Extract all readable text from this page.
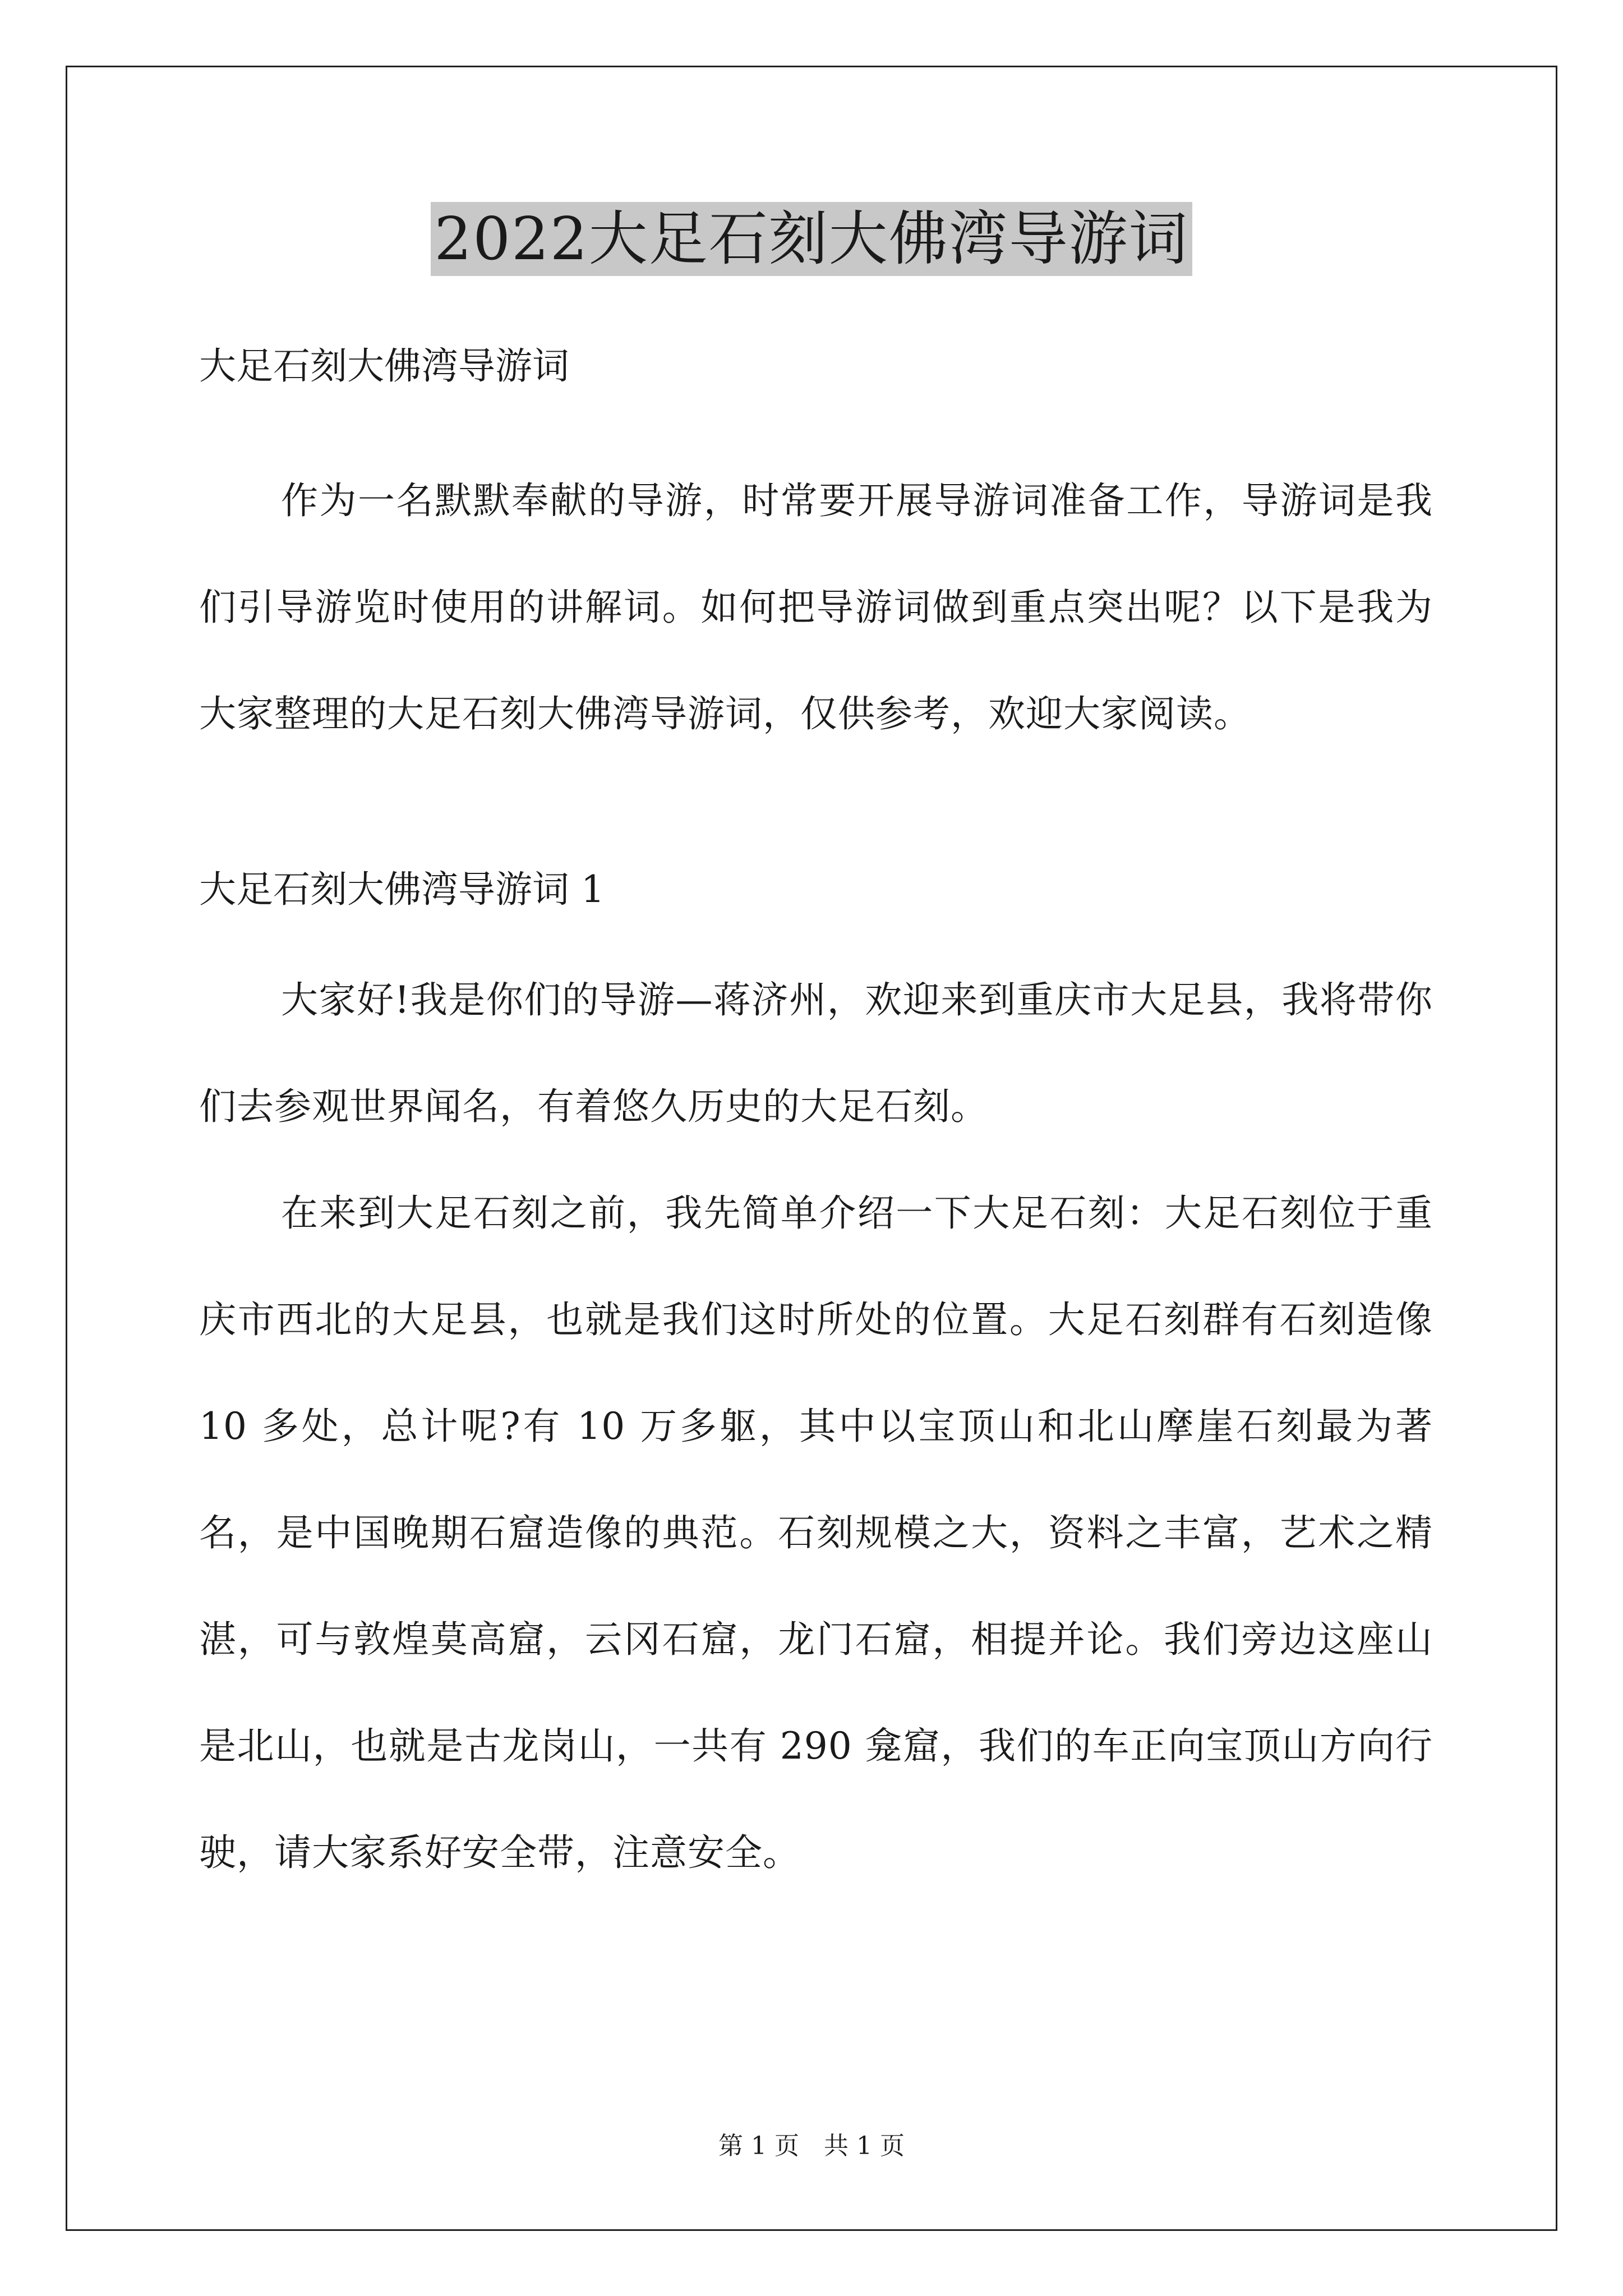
2022大足石刻大佛湾导游词
大足石刻大佛湾导游词

作为一名默默奉献的导游，时常要开展导游词准备工作，导游词是我们引导游览时使用的讲解词。如何把导游词做到重点突出呢？以下是我为大家整理的大足石刻大佛湾导游词，仅供参考，欢迎大家阅读。

大足石刻大佛湾导游词 1

大家好!我是你们的导游—蒋济州，欢迎来到重庆市大足县，我将带你们去参观世界闻名，有着悠久历史的大足石刻。

在来到大足石刻之前，我先简单介绍一下大足石刻：大足石刻位于重庆市西北的大足县，也就是我们这时所处的位置。大足石刻群有石刻造像 10 多处，总计呢?有 10 万多躯，其中以宝顶山和北山摩崖石刻最为著名，是中国晚期石窟造像的典范。石刻规模之大，资料之丰富，艺术之精湛，可与敦煌莫高窟，云冈石窟，龙门石窟，相提并论。我们旁边这座山是北山，也就是古龙岗山，一共有 290 龛窟，我们的车正向宝顶山方向行驶，请大家系好安全带，注意安全。

第 1 页　共 1 页
